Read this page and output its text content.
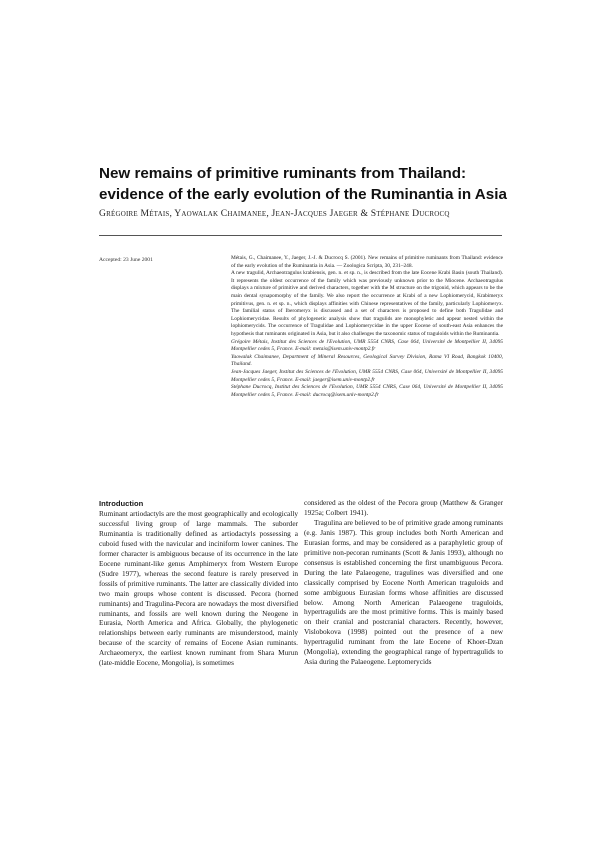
New remains of primitive ruminants from Thailand: evidence of the early evolution of the Ruminantia in Asia
Grégoire Métais, Yaowalak Chaimanee, Jean-Jacques Jaeger & Stéphane Ducrocq
Accepted: 23 June 2001	Métais, G., Chaimanee, Y., Jaeger, J.-J. & Ducrocq S. (2001). New remains of primitive ruminants from Thailand: evidence of the early evolution of the Ruminantia in Asia. — Zoologica Scripta, 30, 231–248.

A new tragulid, Archaeotragulus krabiensis, gen. n. et sp. n., is described from the late Eocene Krabi Basin (south Thailand). It represents the oldest occurrence of the family which was previously unknown prior to the Miocene. Archaeotragulus displays a mixture of primitive and derived characters, together with the M structure on the trigonid, which appears to be the main dental synapomorphy of the family. We also report the occurrence at Krabi of a new Lophiomerycid, Krabimeryx primitivus, gen. n. et sp. n., which displays affinities with Chinese representatives of the family, particularly Lophiomeryx. The familial status of Iberomeryx is discussed and a set of characters is proposed to define both Tragulidae and Lophiomerycidae. Results of phylogenetic analysis show that tragulids are monophyletic and appear nested within the lophiomerycids. The occurrence of Tragulidae and Lophiomerycidae in the upper Eocene of south-east Asia enhances the hypothesis that ruminants originated in Asia, but it also challenges the taxonomic status of traguloids within the Ruminantia.

Grégoire Métais, Institut des Sciences de l'Evolution, UMR 5554 CNRS, Case 064, Université de Montpellier II, 34095 Montpellier cedex 5, France. E-mail: metais@isem.univ-montp2.fr

Yaowalak Chaimanee, Department of Mineral Resources, Geological Survey Division, Rama VI Road, Bangkok 10400, Thailand.

Jean-Jacques Jaeger, Institut des Sciences de l'Evolution, UMR 5554 CNRS, Case 064, Université de Montpellier II, 34095 Montpellier cedex 5, France. E-mail: jaeger@isem.univ-montp2.fr

Stéphane Ducrocq, Institut des Sciences de l'Evolution, UMR 5554 CNRS, Case 064, Université de Montpellier II, 34095 Montpellier cedex 5, France. E-mail: ducrocq@isem.univ-montp2.fr

Introduction

Ruminant artiodactyls are the most geographically and ecologically successful living group of large mammals. The suborder Ruminantia is traditionally defined as artiodactyls possessing a cuboid fused with the navicular and inciniform lower canines. The former character is ambiguous because of its occurrence in the late Eocene ruminant-like genus Amphimeryx from Western Europe (Sudre 1977), whereas the second feature is rarely preserved in fossils of primitive ruminants. The latter are classically divided into two main groups whose content is discussed. Pecora (horned ruminants) and Tragulina-Pecora are nowadays the most diversified ruminants, and fossils are well known during the Neogene in Eurasia, North America and Africa. Globally, the phylogenetic relationships between early ruminants are misunderstood, mainly because of the scarcity of remains of Eocene Asian ruminants. Archaeomeryx, the earliest known ruminant from Shara Murun (late-middle Eocene, Mongolia), is sometimes

considered as the oldest of the Pecora group (Matthew & Granger 1925a; Colbert 1941).

Tragulina are believed to be of primitive grade among ruminants (e.g. Janis 1987). This group includes both North American and Eurasian forms, and may be considered as a paraphyletic group of primitive non-pecoran ruminants (Scott & Janis 1993), although no consensus is established concerning the first unambiguous Pecora. During the late Palaeogene, tragulines was diversified and one classically comprised by Eocene North American traguloids and some ambiguous Eurasian forms whose affinities are discussed below. Among North American Palaeogene traguloids, hypertragulids are the most primitive forms. This is mainly based on their cranial and postcranial characters. Recently, however, Vislobokova (1998) pointed out the presence of a new hypertragulid ruminant from the late Eocene of Khoer-Dzan (Mongolia), extending the geographical range of hypertragulids to Asia during the Palaeogene. Leptomerycids
